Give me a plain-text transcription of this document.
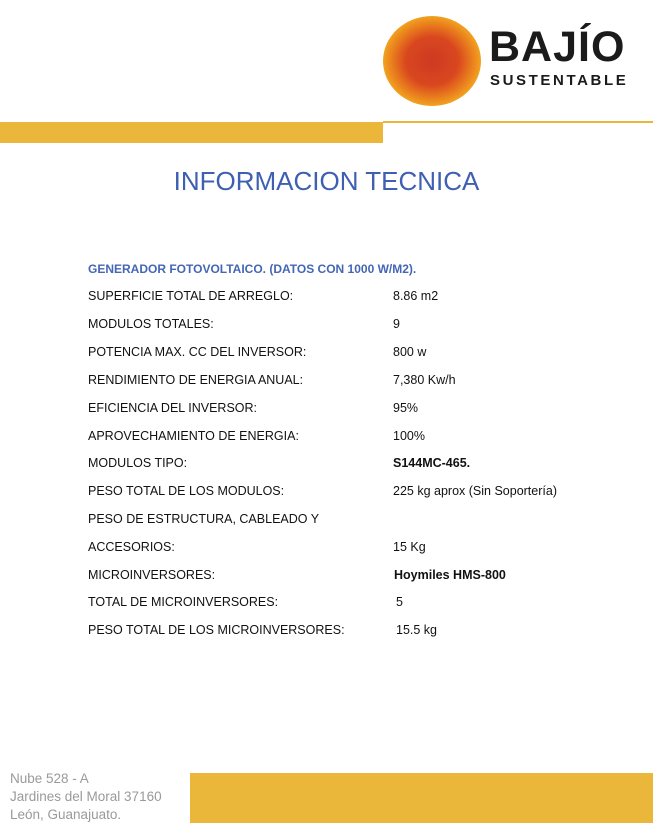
BAJÍO
SUSTENTABLE
INFORMACION TECNICA
GENERADOR FOTOVOLTAICO. (DATOS CON 1000 W/M2).
SUPERFICIE TOTAL DE ARREGLO:	8.86 m2
MODULOS TOTALES:	9
POTENCIA MAX. CC DEL INVERSOR:	800 w
RENDIMIENTO DE ENERGIA ANUAL:	7,380 Kw/h
EFICIENCIA DEL INVERSOR:	95%
APROVECHAMIENTO DE ENERGIA:	100%
MODULOS TIPO:	S144MC-465.
PESO TOTAL DE LOS MODULOS:	225 kg aprox (Sin Soportería)
PESO DE ESTRUCTURA, CABLEADO Y
ACCESORIOS:	15 Kg
MICROINVERSORES:	Hoymiles HMS-800
TOTAL DE MICROINVERSORES:	5
PESO TOTAL DE LOS MICROINVERSORES:	15.5 kg
Nube 528 - A
Jardines del Moral 37160
León, Guanajuato.
